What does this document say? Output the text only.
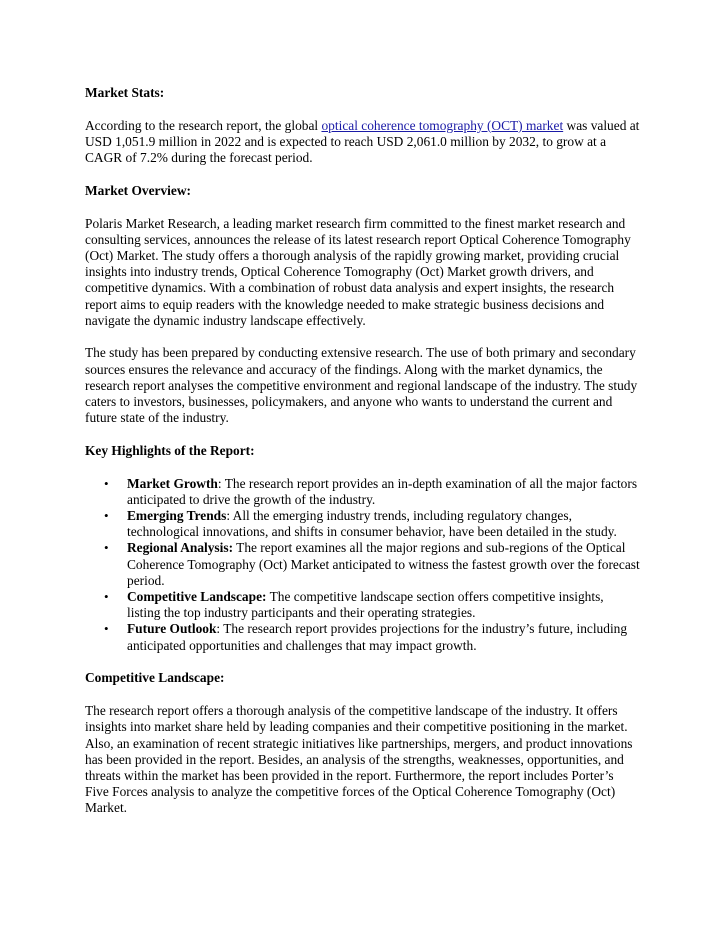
Market Stats:

According to the research report, the global optical coherence tomography (OCT) market was valued at USD 1,051.9 million in 2022 and is expected to reach USD 2,061.0 million by 2032, to grow at a CAGR of 7.2% during the forecast period.

Market Overview:

Polaris Market Research, a leading market research firm committed to the finest market research and consulting services, announces the release of its latest research report Optical Coherence Tomography (Oct) Market. The study offers a thorough analysis of the rapidly growing market, providing crucial insights into industry trends, Optical Coherence Tomography (Oct) Market growth drivers, and competitive dynamics. With a combination of robust data analysis and expert insights, the research report aims to equip readers with the knowledge needed to make strategic business decisions and navigate the dynamic industry landscape effectively.

The study has been prepared by conducting extensive research. The use of both primary and secondary sources ensures the relevance and accuracy of the findings. Along with the market dynamics, the research report analyses the competitive environment and regional landscape of the industry. The study caters to investors, businesses, policymakers, and anyone who wants to understand the current and future state of the industry.

Key Highlights of the Report:
• Market Growth: The research report provides an in-depth examination of all the major factors anticipated to drive the growth of the industry.
• Emerging Trends: All the emerging industry trends, including regulatory changes, technological innovations, and shifts in consumer behavior, have been detailed in the study.
• Regional Analysis: The report examines all the major regions and sub-regions of the Optical Coherence Tomography (Oct) Market anticipated to witness the fastest growth over the forecast period.
• Competitive Landscape: The competitive landscape section offers competitive insights, listing the top industry participants and their operating strategies.
• Future Outlook: The research report provides projections for the industry’s future, including anticipated opportunities and challenges that may impact growth.
Competitive Landscape:

The research report offers a thorough analysis of the competitive landscape of the industry. It offers insights into market share held by leading companies and their competitive positioning in the market. Also, an examination of recent strategic initiatives like partnerships, mergers, and product innovations has been provided in the report. Besides, an analysis of the strengths, weaknesses, opportunities, and threats within the market has been provided in the report. Furthermore, the report includes Porter’s Five Forces analysis to analyze the competitive forces of the Optical Coherence Tomography (Oct) Market.
